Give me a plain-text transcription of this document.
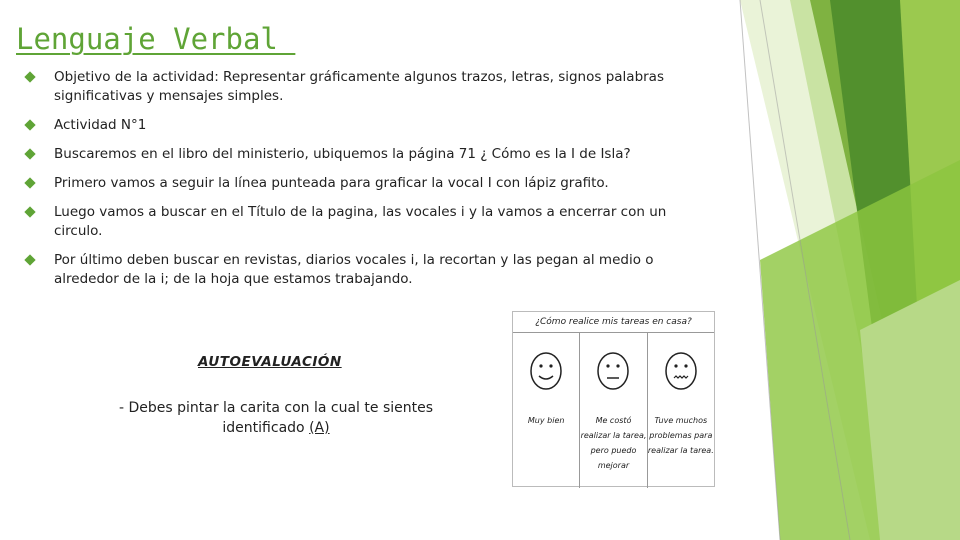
Lenguaje Verbal
Objetivo de la actividad: Representar gráficamente algunos trazos, letras, signos palabras significativas y mensajes simples.
Actividad N°1
Buscaremos en el libro del ministerio, ubiquemos la página 71 ¿ Cómo es la I de Isla?
Primero vamos a seguir la línea punteada para graficar la vocal I con lápiz grafito.
Luego vamos a buscar en el Título de la pagina, las vocales i y la vamos a encerrar con un circulo.
Por último deben buscar en revistas, diarios vocales i, la recortan y las pegan al medio o alrededor de la i; de la hoja que estamos trabajando.

AUTOEVALUACIÓN

- Debes pintar la carita con la cual te sientes identificado (A)

¿Cómo realice mis tareas en casa?
Muy bien	Me costó realizar la tarea, pero puedo mejorar
Tuve muchos problemas para realizar la tarea.
